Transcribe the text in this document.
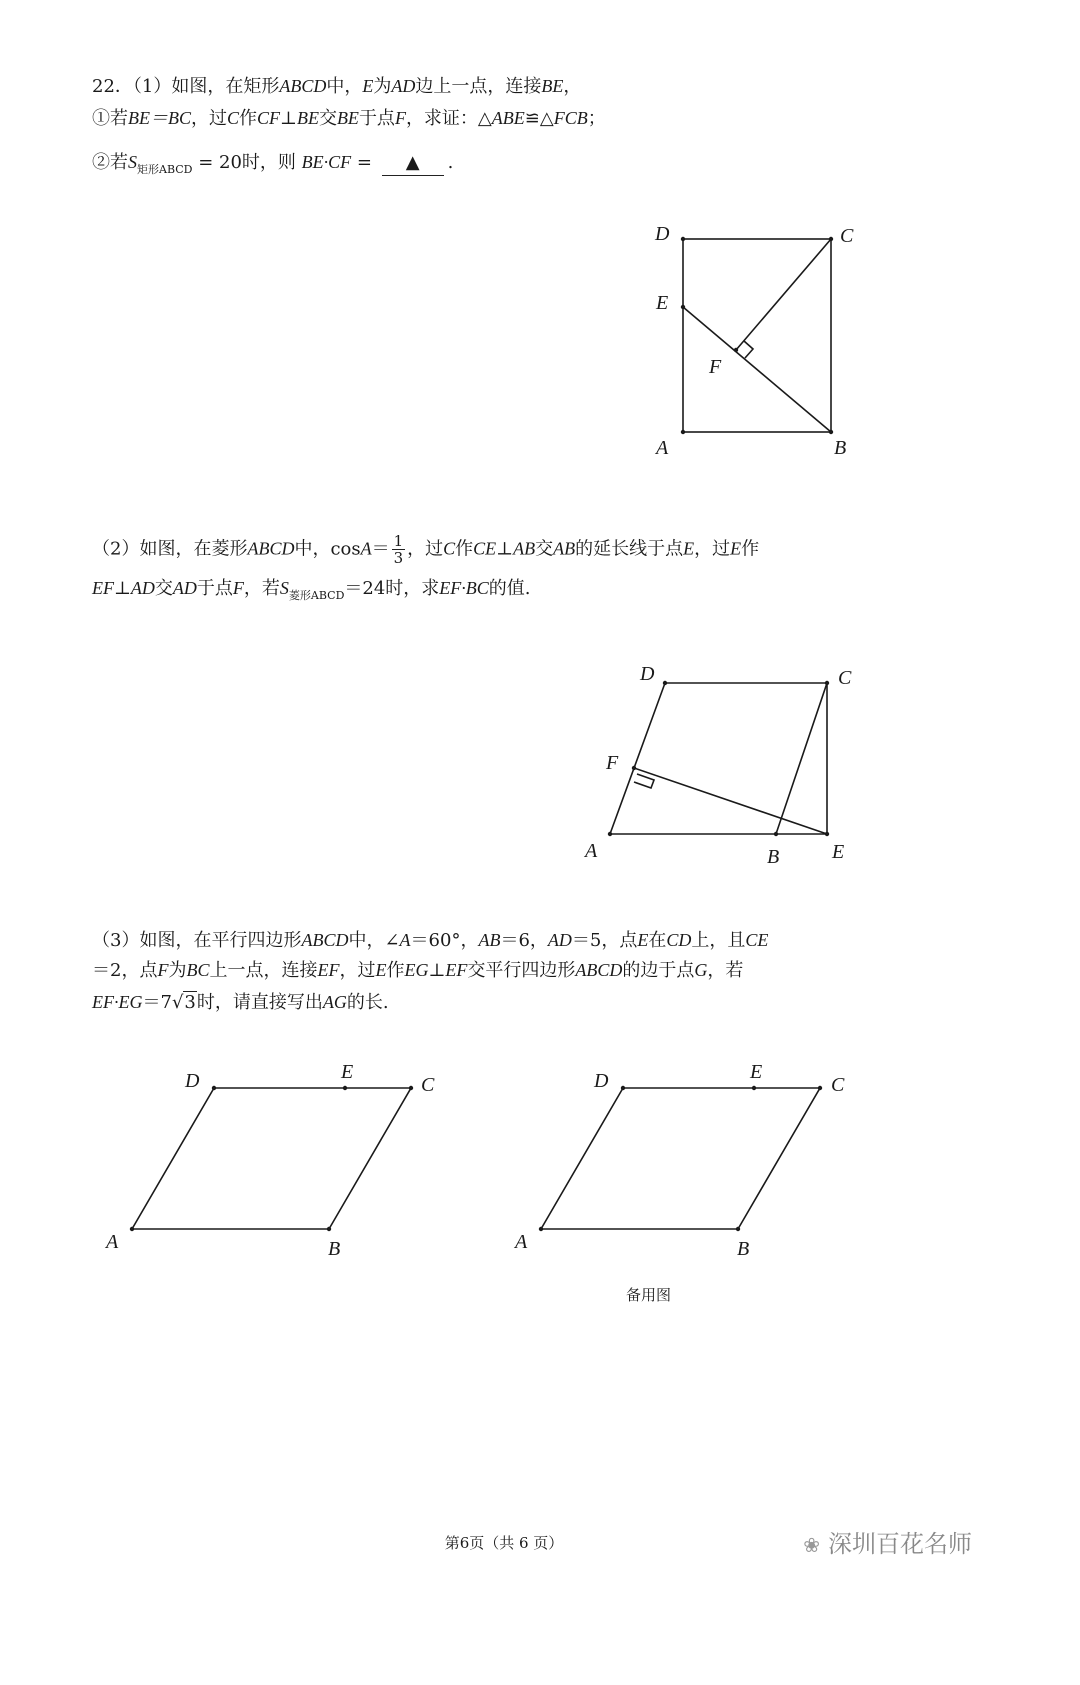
22．（1）如图，在矩形ABCD中，E为AD边上一点，连接BE，
①若BE＝BC，过C作CF⊥BE交BE于点F，求证：△ABE≌△FCB；
②若$S_{矩形ABCD} = 20$时，则 BE·CF = ▲ .
（2）如图，在菱形ABCD中，$\cos A= \frac{1}{3}$ ，过C作CE⊥AB交AB的延长线于点E，过E作
EF⊥AD交AD于点F，若$S_{菱形ABCD}=24$时，求EF·BC的值.
（3）如图，在平行四边形ABCD中，∠A＝60°，AB＝6，AD＝5，点E在CD上，且CE
＝2，点F为BC上一点，连接EF，过E作EG⊥EF交平行四边形ABCD的边于点G，若
EF·EG＝7√3时，请直接写出AG的长.
D	C
E
F
A	B
D	C
F
A	B	E
D	E
C
A	B
D	E
C
A	B
备用图
第6页（共 6 页）	❀ 深圳百花名师
